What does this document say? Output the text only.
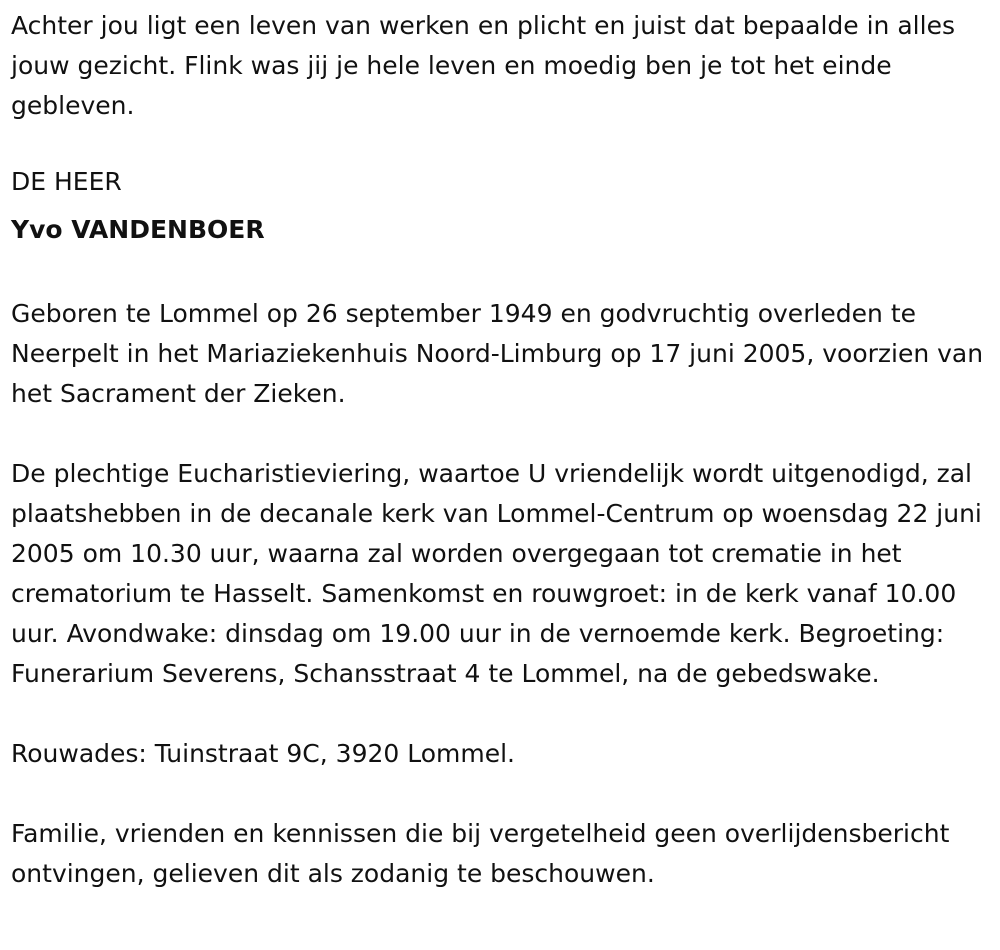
Achter jou ligt een leven van werken en plicht en juist dat bepaalde in alles jouw gezicht. Flink was jij je hele leven en moedig ben je tot het einde gebleven.

DE HEER

Yvo VANDENBOER

Geboren te Lommel op 26 september 1949 en godvruchtig overleden te Neerpelt in het Mariaziekenhuis Noord-Limburg op 17 juni 2005, voorzien van het Sacrament der Zieken.

De plechtige Eucharistieviering, waartoe U vriendelijk wordt uitgenodigd, zal plaatshebben in de decanale kerk van Lommel-Centrum op woensdag 22 juni 2005 om 10.30 uur, waarna zal worden overgegaan tot crematie in het crematorium te Hasselt. Samenkomst en rouwgroet: in de kerk vanaf 10.00 uur. Avondwake: dinsdag om 19.00 uur in de vernoemde kerk. Begroeting: Funerarium Severens, Schansstraat 4 te Lommel, na de gebedswake.

Rouwades: Tuinstraat 9C, 3920 Lommel.

Familie, vrienden en kennissen die bij vergetelheid geen overlijdensbericht ontvingen, gelieven dit als zodanig te beschouwen.
